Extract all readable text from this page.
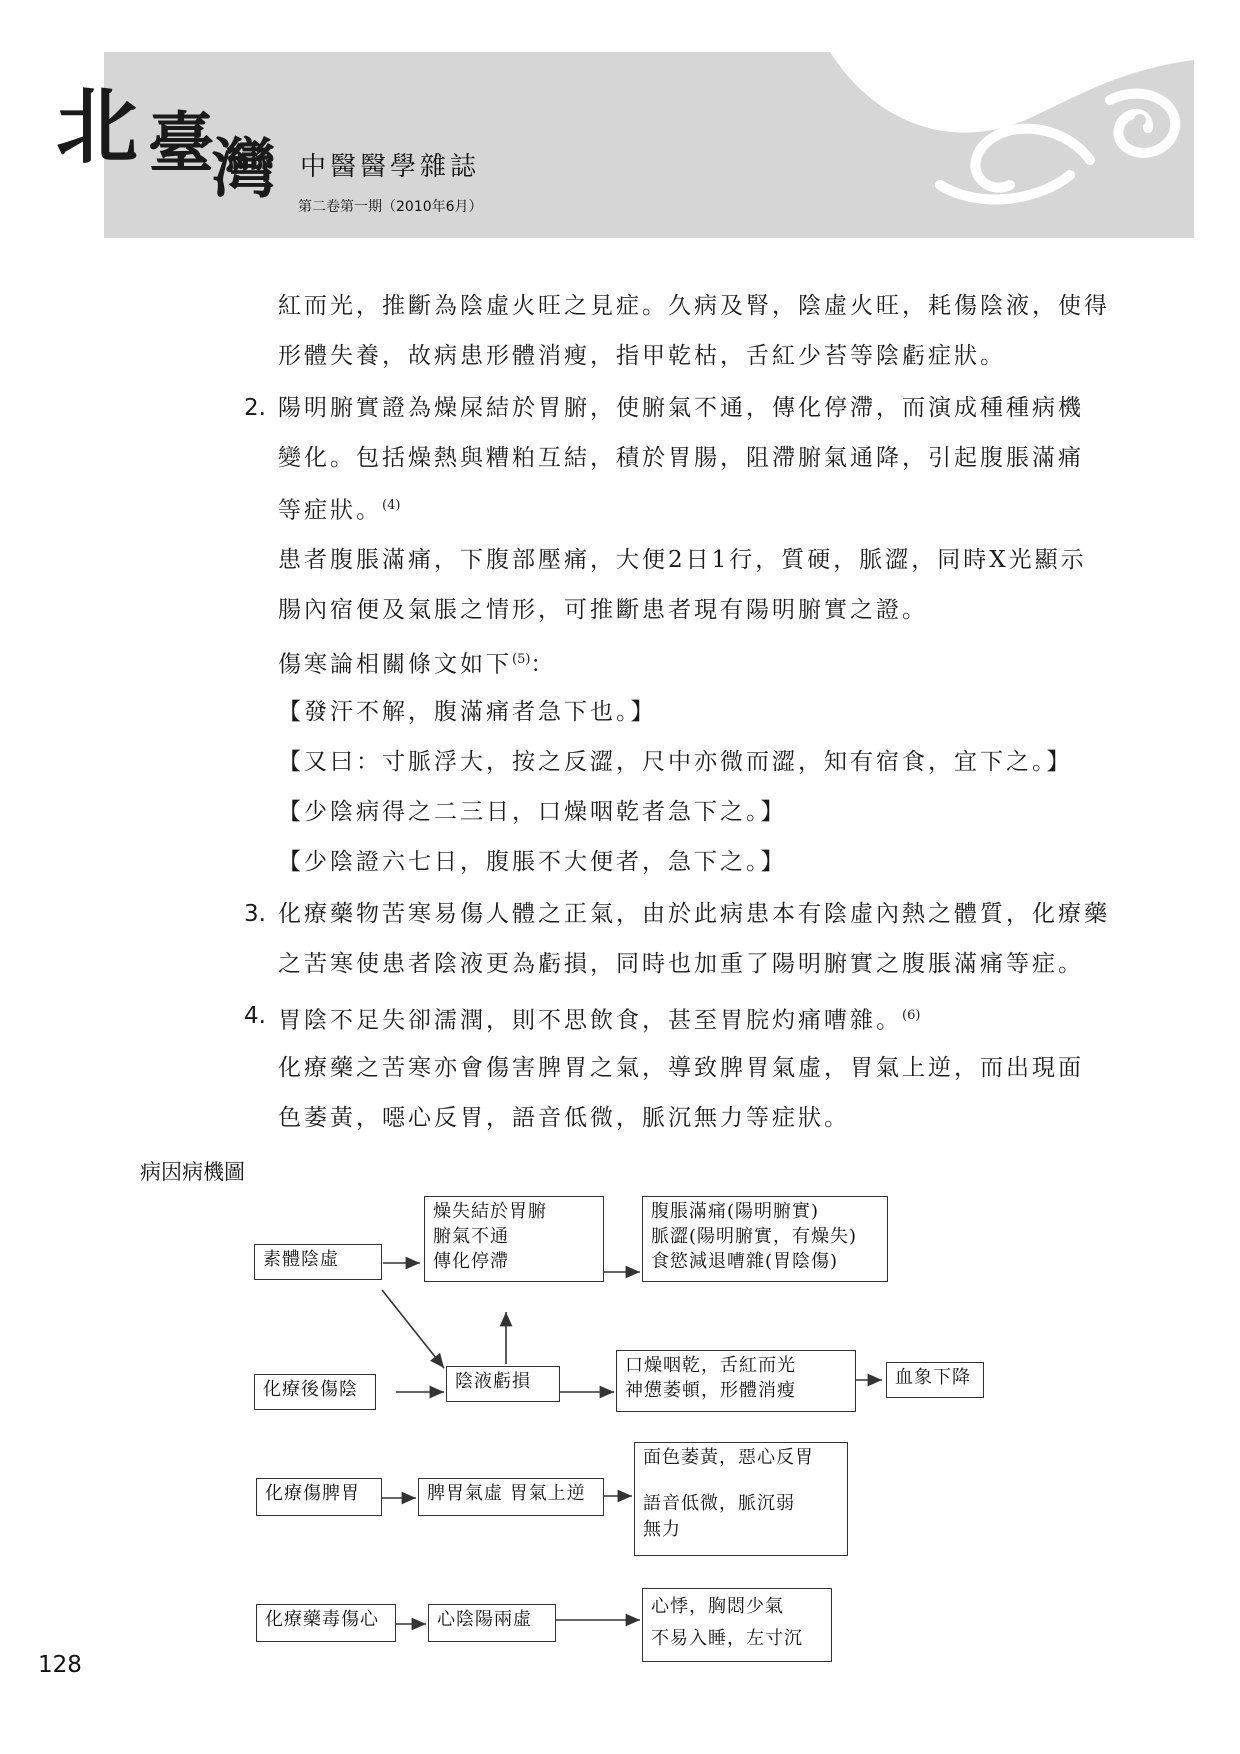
北 臺
灣 中醫醫學雜誌
第二卷第一期（2010年6月）
紅而光，推斷為陰虛火旺之見症。久病及腎，陰虛火旺，耗傷陰液，使得
形體失養，故病患形體消瘦，指甲乾枯，舌紅少苔等陰虧症狀。
2. 陽明腑實證為燥屎結於胃腑，使腑氣不通，傳化停滯，而演成種種病機
變化。包括燥熱與糟粕互結，積於胃腸，阻滯腑氣通降，引起腹脹滿痛
等症狀。$^{(4)}$
患者腹脹滿痛，下腹部壓痛，大便2日1行，質硬，脈澀，同時X光顯示
腸內宿便及氣脹之情形，可推斷患者現有陽明腑實之證。
傷寒論相關條文如下$^{(5)}$：
【發汗不解，腹滿痛者急下也。】
【又曰：寸脈浮大，按之反澀，尺中亦微而澀，知有宿食，宜下之。】
【少陰病得之二三日，口燥咽乾者急下之。】
【少陰證六七日，腹脹不大便者，急下之。】
3. 化療藥物苦寒易傷人體之正氣，由於此病患本有陰虛內熱之體質，化療藥
之苦寒使患者陰液更為虧損，同時也加重了陽明腑實之腹脹滿痛等症。
4. 胃陰不足失卻濡潤，則不思飲食，甚至胃脘灼痛嘈雜。$^{(6)}$
化療藥之苦寒亦會傷害脾胃之氣，導致脾胃氣虛，胃氣上逆，而出現面
色萎黃，噁心反胃，語音低微，脈沉無力等症狀。
病因病機圖
素體陰虛
燥失結於胃腑
腑氣不通
傳化停滯
腹脹滿痛(陽明腑實)
脈澀(陽明腑實，有燥失)
食慾減退嘈雜(胃陰傷)
化療後傷陰	陰液虧損
口燥咽乾，舌紅而光
神憊萎頓，形體消瘦
血象下降
化療傷脾胃	脾胃氣虛 胃氣上逆
面色萎黃，惡心反胃
語音低微，脈沉弱
無力
化療藥毒傷心	心陰陽兩虛
心悸，胸悶少氣
不易入睡，左寸沉
128
